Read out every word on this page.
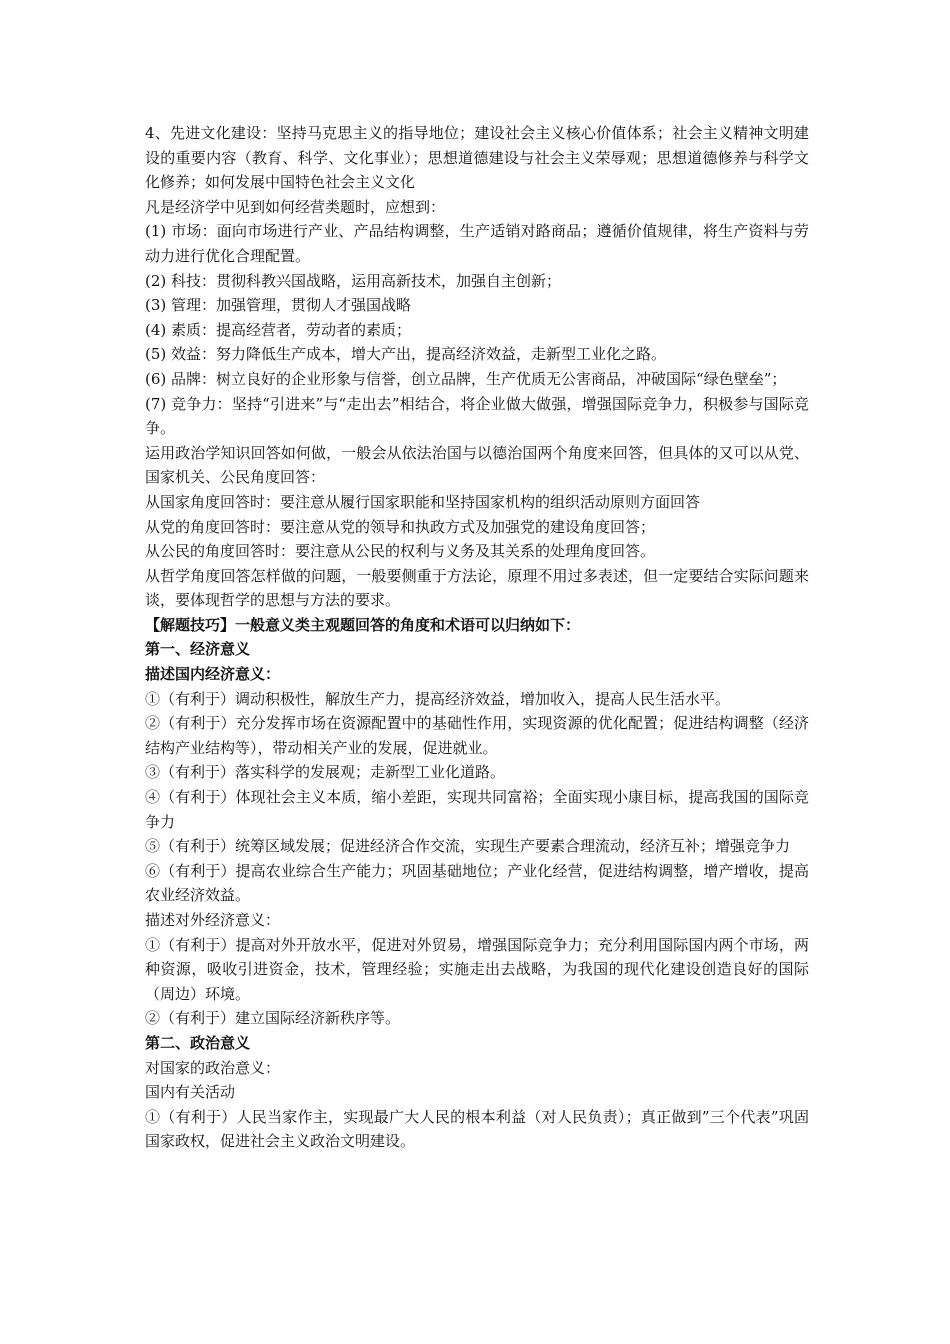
4、先进文化建设：坚持马克思主义的指导地位；建设社会主义核心价值体系；社会主义精神文明建设的重要内容（教育、科学、文化事业）；思想道德建设与社会主义荣辱观；思想道德修养与科学文化修养；如何发展中国特色社会主义文化

凡是经济学中见到如何经营类题时，应想到：

(1) 市场：面向市场进行产业、产品结构调整，生产适销对路商品；遵循价值规律，将生产资料与劳动力进行优化合理配置。

(2) 科技：贯彻科教兴国战略，运用高新技术，加强自主创新；

(3) 管理：加强管理，贯彻人才强国战略

(4) 素质：提高经营者，劳动者的素质；

(5) 效益：努力降低生产成本，增大产出，提高经济效益，走新型工业化之路。

(6) 品牌：树立良好的企业形象与信誉，创立品牌，生产优质无公害商品，冲破国际“绿色壁垒”；

(7) 竞争力：坚持“引进来”与“走出去”相结合，将企业做大做强，增强国际竞争力，积极参与国际竞争。

运用政治学知识回答如何做，一般会从依法治国与以德治国两个角度来回答，但具体的又可以从党、国家机关、公民角度回答：

从国家角度回答时：要注意从履行国家职能和坚持国家机构的组织活动原则方面回答

从党的角度回答时：要注意从党的领导和执政方式及加强党的建设角度回答；

从公民的角度回答时：要注意从公民的权利与义务及其关系的处理角度回答。

从哲学角度回答怎样做的问题，一般要侧重于方法论，原理不用过多表述，但一定要结合实际问题来谈，要体现哲学的思想与方法的要求。

【解题技巧】一般意义类主观题回答的角度和术语可以归纳如下：

第一、经济意义

描述国内经济意义：

①（有利于）调动积极性，解放生产力，提高经济效益，增加收入，提高人民生活水平。

②（有利于）充分发挥市场在资源配置中的基础性作用，实现资源的优化配置；促进结构调整（经济结构产业结构等），带动相关产业的发展，促进就业。

③（有利于）落实科学的发展观；走新型工业化道路。

④（有利于）体现社会主义本质，缩小差距，实现共同富裕；全面实现小康目标，提高我国的国际竞争力

⑤（有利于）统筹区域发展；促进经济合作交流，实现生产要素合理流动，经济互补；增强竞争力

⑥（有利于）提高农业综合生产能力；巩固基础地位；产业化经营，促进结构调整，增产增收，提高农业经济效益。

描述对外经济意义：

①（有利于）提高对外开放水平，促进对外贸易，增强国际竞争力；充分利用国际国内两个市场，两种资源，吸收引进资金，技术，管理经验；实施走出去战略，为我国的现代化建设创造良好的国际（周边）环境。

②（有利于）建立国际经济新秩序等。

第二、政治意义

对国家的政治意义：

国内有关活动

①（有利于）人民当家作主，实现最广大人民的根本利益（对人民负责）；真正做到”三个代表”巩固国家政权，促进社会主义政治文明建设。
